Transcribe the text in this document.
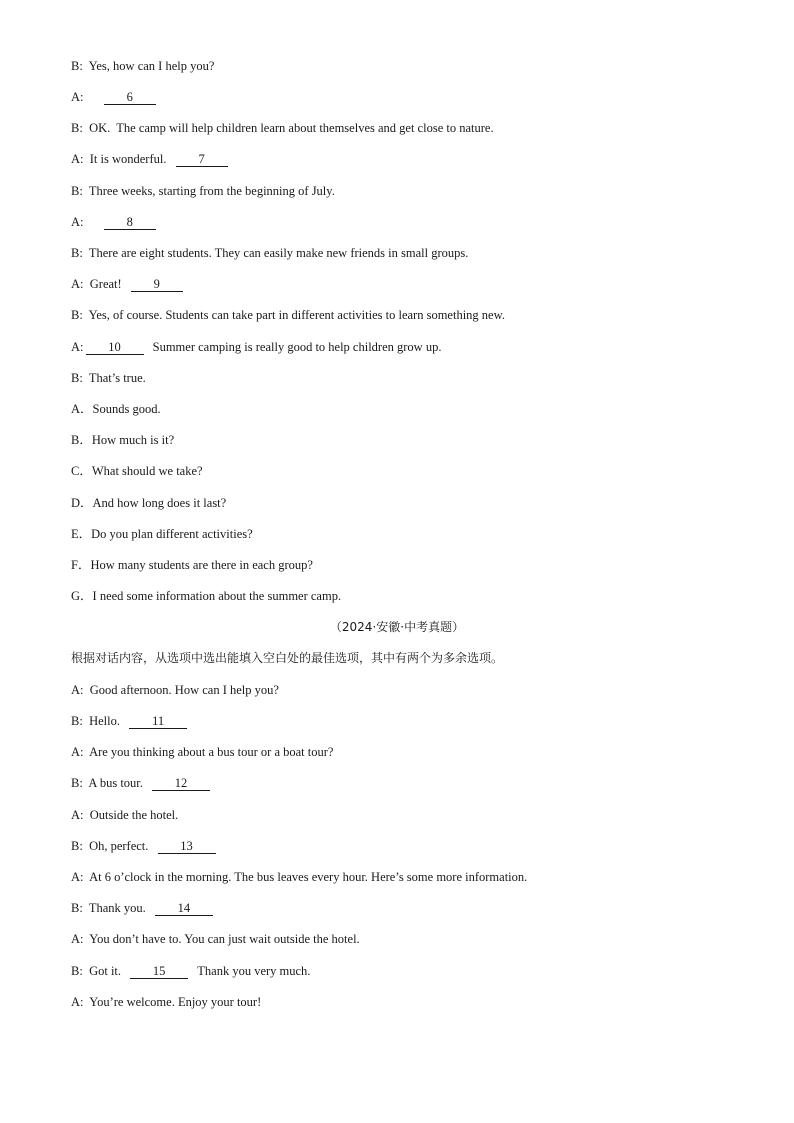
B: Yes, how can I help you?
A:	6
B: OK.  The camp will help children learn about themselves and get close to nature.
A: It is wonderful.	7
B: Three weeks, starting from the beginning of July.
A:	8
B: There are eight students. They can easily make new friends in small groups.
A: Great!	9
B: Yes, of course. Students can take part in different activities to learn something new.
A: 10	Summer camping is really good to help children grow up.
B: That’s true.
A．Sounds good.
B．How much is it?
C．What should we take?
D．And how long does it last?
E．Do you plan different activities?
F．How many students are there in each group?
G．I need some information about the summer camp.
（2024·安徽·中考真题）
根据对话内容，从选项中选出能填入空白处的最佳选项，其中有两个为多余选项。
A: Good afternoon. How can I help you?
B: Hello.	11
A: Are you thinking about a bus tour or a boat tour?
B: A bus tour.	12
A: Outside the hotel.
B: Oh, perfect.	13
A: At 6 o’clock in the morning. The bus leaves every hour. Here’s some more information.
B: Thank you.	14
A: You don’t have to. You can just wait outside the hotel.
B: Got it.	15	Thank you very much.
A: You’re welcome. Enjoy your tour!
